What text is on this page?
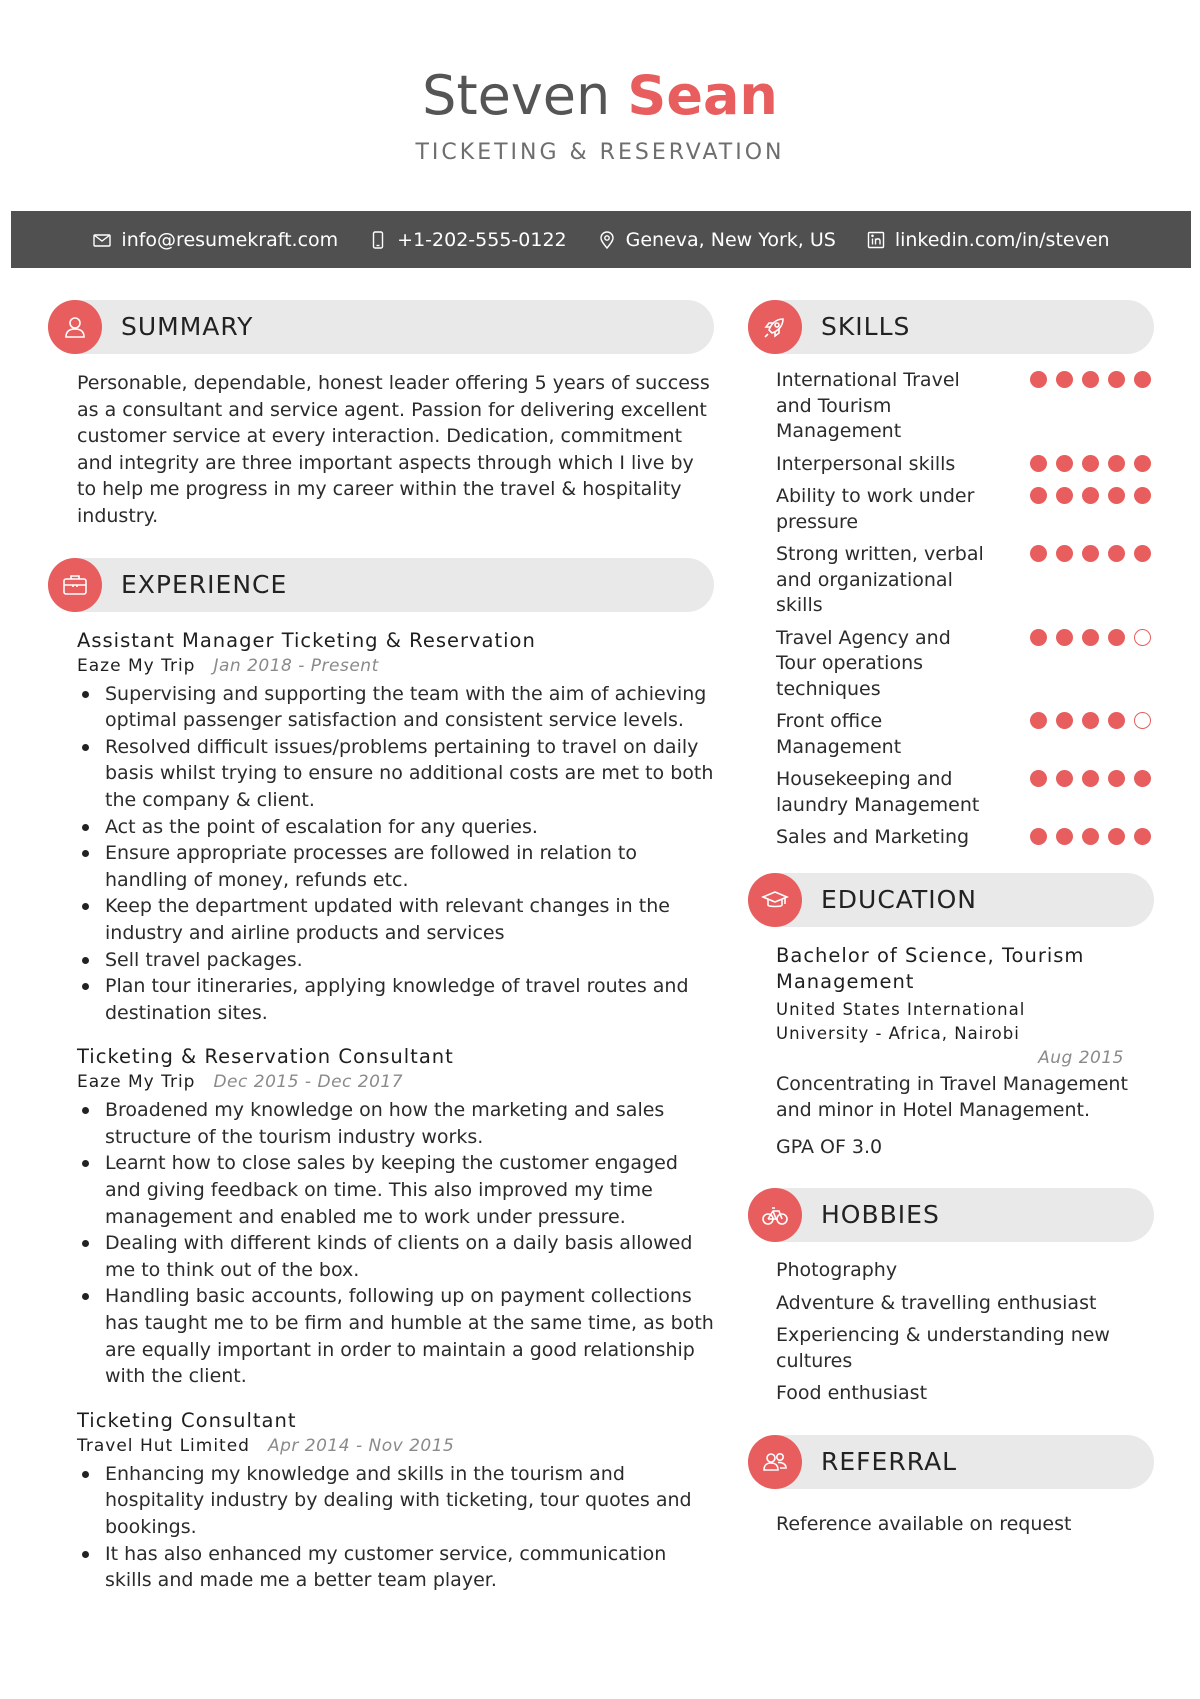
Steven Sean
TICKETING & RESERVATION
info@resumekraft.com	+1-202-555-0122	Geneva, New York, US	linkedin.com/in/steven
SUMMARY

Personable, dependable, honest leader offering 5 years of success as a consultant and service agent. Passion for delivering excellent customer service at every interaction. Dedication, commitment and integrity are three important aspects through which I live by to help me progress in my career within the travel & hospitality industry.

EXPERIENCE
Assistant Manager Ticketing & Reservation
Eaze My Trip Jan 2018 - Present
Supervising and supporting the team with the aim of achieving optimal passenger satisfaction and consistent service levels.
Resolved difficult issues/problems pertaining to travel on daily basis whilst trying to ensure no additional costs are met to both the company & client.
Act as the point of escalation for any queries.
Ensure appropriate processes are followed in relation to handling of money, refunds etc.
Keep the department updated with relevant changes in the industry and airline products and services
Sell travel packages.
Plan tour itineraries, applying knowledge of travel routes and destination sites.
Ticketing & Reservation Consultant
Eaze My Trip Dec 2015 - Dec 2017
Broadened my knowledge on how the marketing and sales structure of the tourism industry works.
Learnt how to close sales by keeping the customer engaged and giving feedback on time. This also improved my time management and enabled me to work under pressure.
Dealing with different kinds of clients on a daily basis allowed me to think out of the box.
Handling basic accounts, following up on payment collections has taught me to be firm and humble at the same time, as both are equally important in order to maintain a good relationship with the client.
Ticketing Consultant
Travel Hut Limited Apr 2014 - Nov 2015
Enhancing my knowledge and skills in the tourism and hospitality industry by dealing with ticketing, tour quotes and bookings.
It has also enhanced my customer service, communication skills and made me a better team player.
SKILLS
International Travel and Tourism Management
Interpersonal skills
Ability to work under pressure
Strong written, verbal and organizational skills
Travel Agency and Tour operations techniques
Front office Management
Housekeeping and laundry Management
Sales and Marketing
EDUCATION
Bachelor of Science, Tourism Management
United States International
University - Africa, Nairobi
Aug 2015
Concentrating in Travel Management and minor in Hotel Management.
GPA OF 3.0
HOBBIES
Photography
Adventure & travelling enthusiast
Experiencing & understanding new cultures
Food enthusiast
REFERRAL
Reference available on request
